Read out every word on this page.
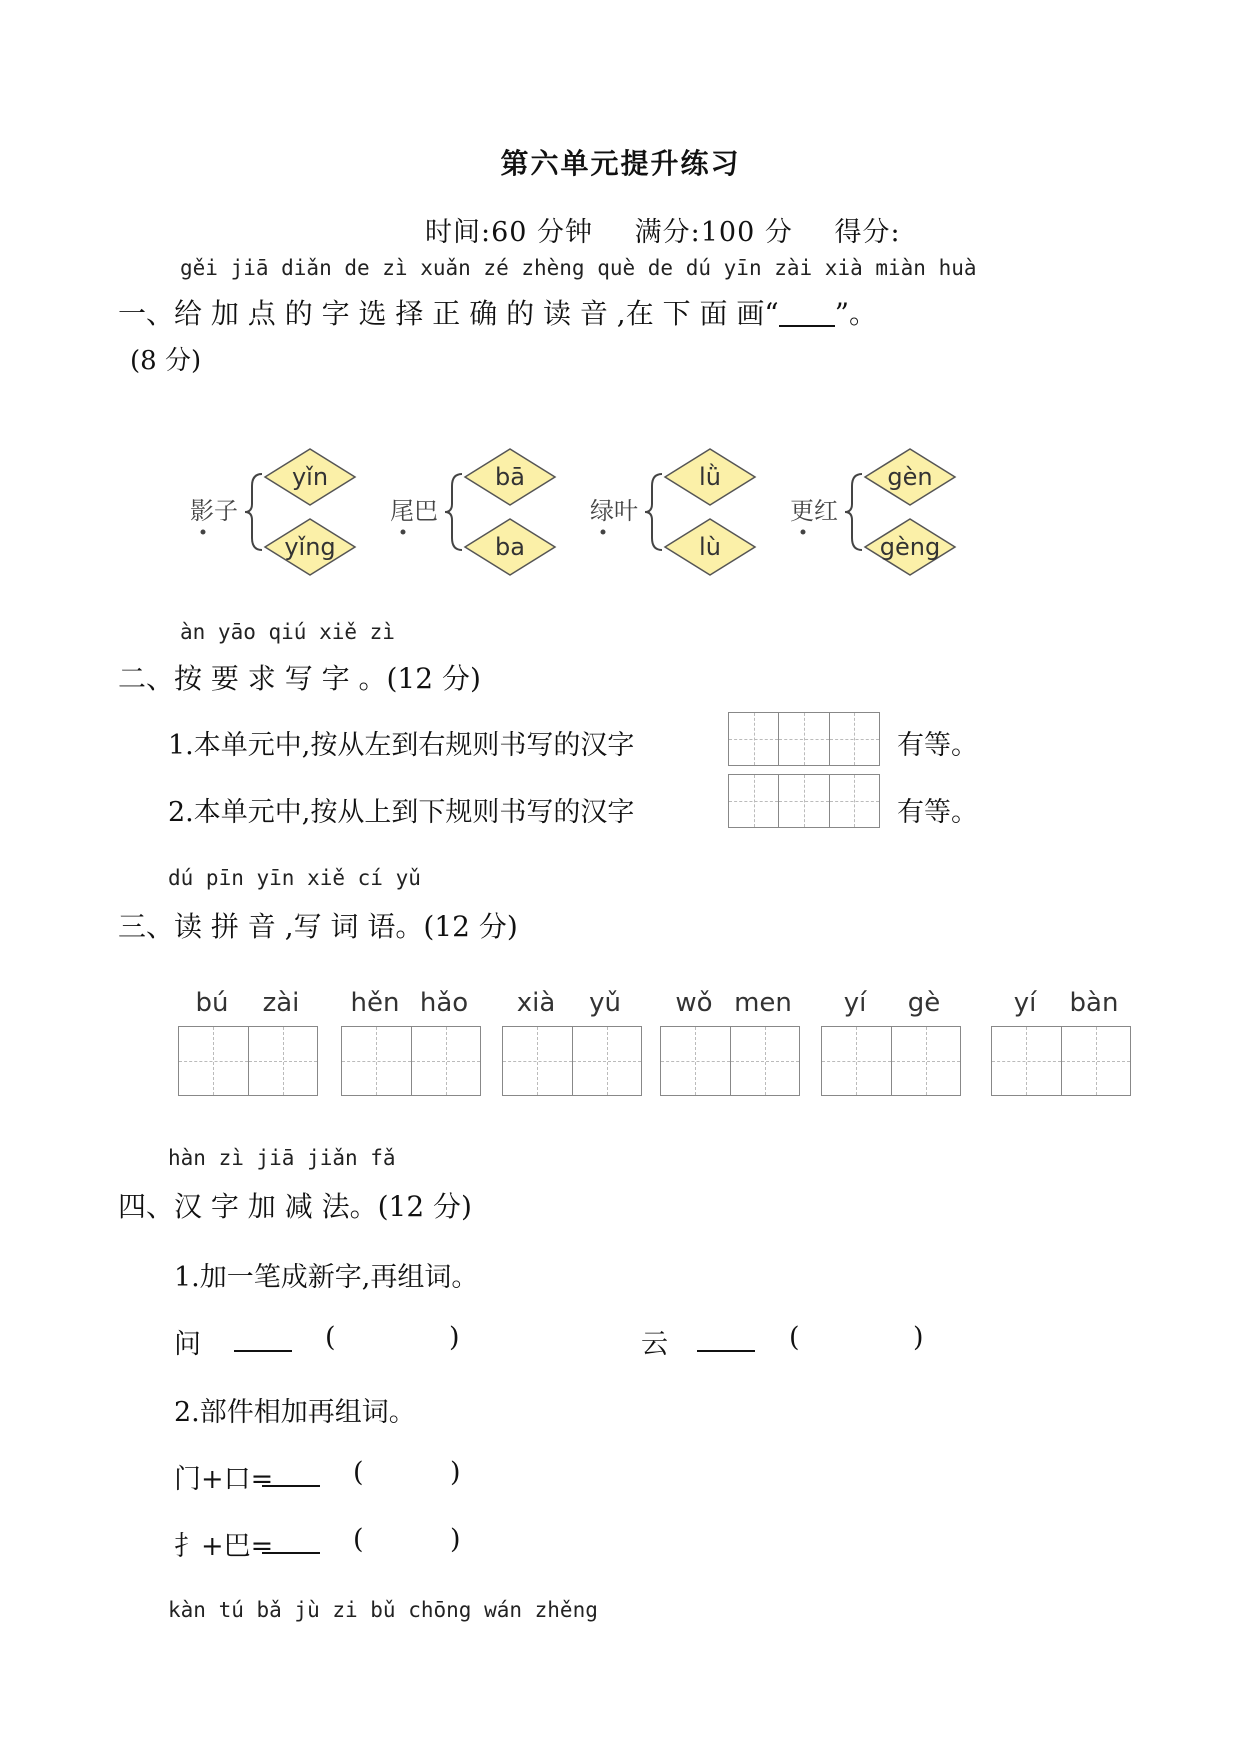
第六单元提升练习
时间:60 分钟 满分:100 分 得分:
gěi jiā diǎn de zì xuǎn zé zhèng què de dú yīn zài xià miàn huà
一、给 加 点 的 字 选 择 正 确 的 读 音 ,在 下 面 画“ ”。
(8 分)
影子
yǐn
yǐng
尾巴
bā
ba
绿叶
lǜ
lù
更红
gèn
gèng
àn yāo qiú xiě zì
二、按 要 求 写 字 。(12 分)
1.本单元中,按从左到右规则书写的汉字	有等。
2.本单元中,按从上到下规则书写的汉字	有等。
dú pīn yīn xiě cí yǔ
三、读 拼 音 ,写 词 语。(12 分)
bú zài hěn hǎo xià yǔ wǒ men yí gè	yí bàn
hàn zì jiā jiǎn fǎ
四、汉 字 加 减 法。(12 分)
1.加一笔成新字,再组词。
问	(	)	云	(	)
2.部件相加再组词。
门+口=	(	)
扌+巴=	(	)
kàn tú bǎ jù zi bǔ chōng wán zhěng
